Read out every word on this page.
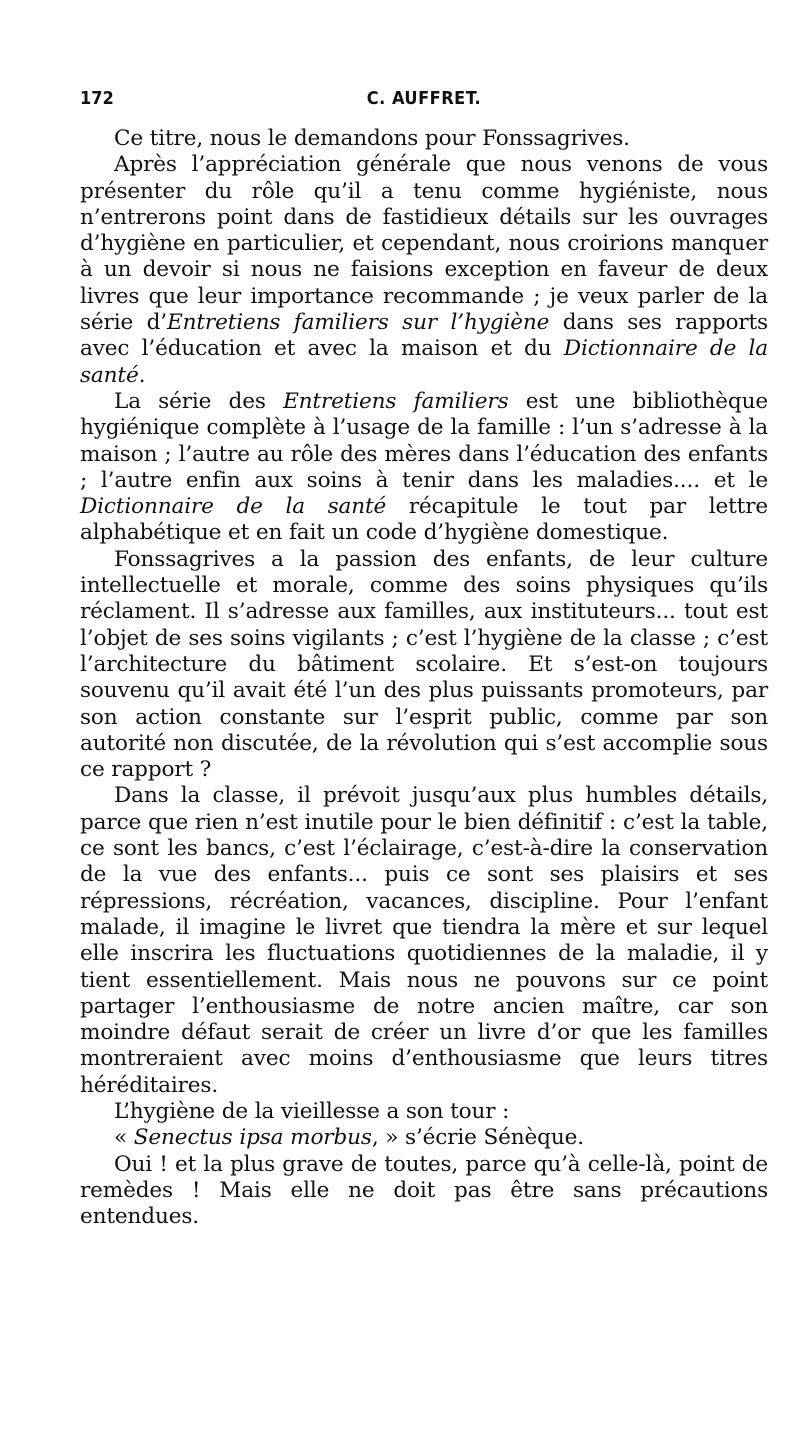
172	C. AUFFRET.

Ce titre, nous le demandons pour Fonssagrives.

Après l’appréciation générale que nous venons de vous présenter du rôle qu’il a tenu comme hygiéniste, nous n’entrerons point dans de fastidieux détails sur les ouvrages d’hygiène en particulier, et cependant, nous croirions manquer à un devoir si nous ne faisions exception en faveur de deux livres que leur importance recommande ; je veux parler de la série d’Entretiens familiers sur l’hygiène dans ses rapports avec l’éducation et avec la maison et du Dictionnaire de la santé.

La série des Entretiens familiers est une bibliothèque hygiénique complète à l’usage de la famille : l’un s’adresse à la maison ; l’autre au rôle des mères dans l’éducation des enfants ; l’autre enfin aux soins à tenir dans les maladies.... et le Dictionnaire de la santé récapitule le tout par lettre alphabétique et en fait un code d’hygiène domestique.

Fonssagrives a la passion des enfants, de leur culture intellectuelle et morale, comme des soins physiques qu’ils réclament. Il s’adresse aux familles, aux instituteurs... tout est l’objet de ses soins vigilants ; c’est l’hygiène de la classe ; c’est l’architecture du bâtiment scolaire. Et s’est-on toujours souvenu qu’il avait été l’un des plus puissants promoteurs, par son action constante sur l’esprit public, comme par son autorité non discutée, de la révolution qui s’est accomplie sous ce rapport ?

Dans la classe, il prévoit jusqu’aux plus humbles détails, parce que rien n’est inutile pour le bien définitif : c’est la table, ce sont les bancs, c’est l’éclairage, c’est-à-dire la conservation de la vue des enfants... puis ce sont ses plaisirs et ses répressions, récréation, vacances, discipline. Pour l’enfant malade, il imagine le livret que tiendra la mère et sur lequel elle inscrira les fluctuations quotidiennes de la maladie, il y tient essentiellement. Mais nous ne pouvons sur ce point partager l’enthousiasme de notre ancien maître, car son moindre défaut serait de créer un livre d’or que les familles montreraient avec moins d’enthousiasme que leurs titres héréditaires.

L’hygiène de la vieillesse a son tour :

« Senectus ipsa morbus, » s’écrie Sénèque.

Oui ! et la plus grave de toutes, parce qu’à celle-là, point de remèdes ! Mais elle ne doit pas être sans précautions entendues.
